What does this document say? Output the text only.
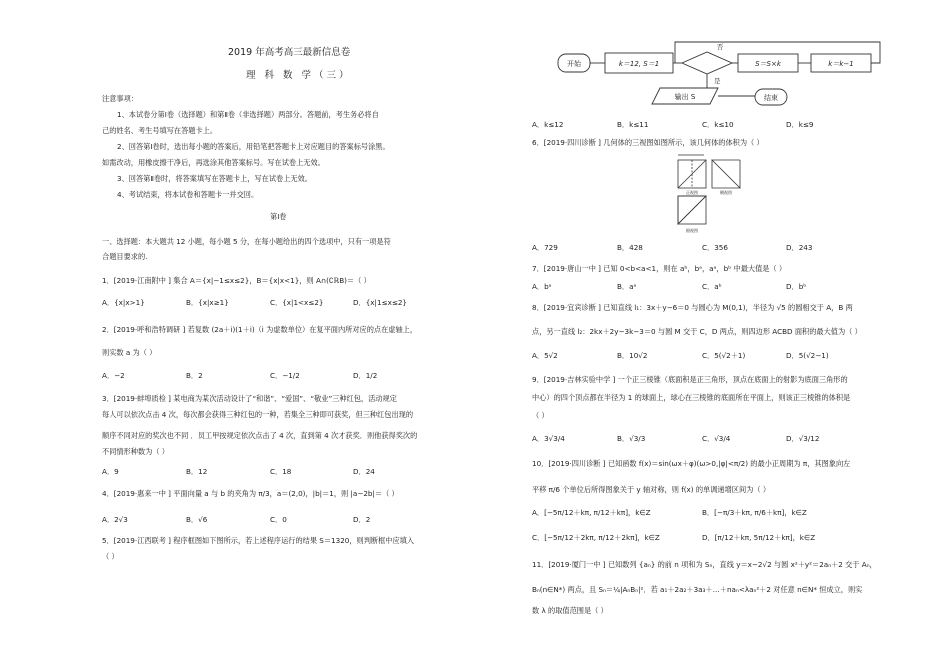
2019 年高考高三最新信息卷
理 科 数 学（三）
注意事项：
1、本试卷分第Ⅰ卷（选择题）和第Ⅱ卷（非选择题）两部分。答题前，考生务必将自
己的姓名、考生号填写在答题卡上。
2、回答第Ⅰ卷时，选出每小题的答案后，用铅笔把答题卡上对应题目的答案标号涂黑。
如需改动，用橡皮擦干净后，再选涂其他答案标号。写在试卷上无效。
3、回答第Ⅱ卷时，将答案填写在答题卡上，写在试卷上无效。
4、考试结束，将本试卷和答题卡一并交回。
第Ⅰ卷
一、选择题：本大题共 12 小题，每小题 5 分，在每小题给出的四个选项中，只有一项是符
合题目要求的.
1．[2019·江南附中 ] 集合 A＝{x|−1≤x≤2}，B＝{x|x<1}，则 A∩(∁ℝB)＝（ ）
A．{x|x>1}	B．{x|x≥1}	C．{x|1<x≤2}	D．{x|1≤x≤2}
2．[2019·呼和浩特调研 ] 若复数 (2a＋i)(1＋i)（i 为虚数单位）在复平面内所对应的点在虚轴上，
则实数 a 为（ ）
A．−2	B．2	C．−1/2	D．1/2
3．[2019·蚌埠质检 ] 某电商为某次活动设计了“和谐”、“爱国”、“敬业”三种红包，活动规定
每人可以依次点击 4 次，每次都会获得三种红包的一种，若集全三种即可获奖，但三种红包出现的
顺序不同对应的奖次也不同 ．员工甲按规定依次点击了 4 次，直到第 4 次才获奖．则他获得奖次的
不同情形种数为（ ）
A．9	B．12	C．18	D．24
4．[2019·惠来一中 ] 平面向量 a 与 b 的夹角为 π/3，a＝(2,0)，|b|＝1，则 |a−2b|＝（ ）
A．2√3	B．√6	C．0	D．2
5．[2019·江西联考 ] 程序框图如下图所示，若上述程序运行的结果 S＝1320，则判断框中应填入
（ ）
开始	k＝12, S＝1
否
S＝S×k	k＝k−1
是
输出 S	结束
A．k≤12	B．k≤11	C．k≤10	D．k≤9
6．[2019·四川诊断 ] 几何体的三视图如图所示，该几何体的体积为（ ）
正视图	侧视图
俯视图
A．729	B．428	C．356	D．243
7．[2019·唐山一中 ] 已知 0<b<a<1，则在 aᵇ，bᵃ，aᵃ，bᵇ 中最大值是（ ）
A．bᵃ	B．aᵃ	C．aᵇ	D．bᵇ
8．[2019·宜宾诊断 ] 已知直线 l₁：3x＋y−6＝0 与圆心为 M(0,1)，半径为 √5 的圆相交于 A，B 两
点，另一直线 l₂：2kx＋2y−3k−3＝0 与圆 M 交于 C，D 两点，则四边形 ACBD 面积的最大值为（ ）
A．5√2	B．10√2	C．5(√2＋1)	D．5(√2−1)
9．[2019·吉林实验中学 ] 一个正三棱锥（底面积是正三角形，顶点在底面上的射影为底面三角形的
中心）的四个顶点都在半径为 1 的球面上，球心在三棱锥的底面所在平面上，则该正三棱锥的体积是
（ ）
A．3√3/4	B．√3/3	C．√3/4	D．√3/12
10．[2019·四川诊断 ] 已知函数 f(x)＝sin(ωx＋φ)(ω>0,|φ|<π/2) 的最小正周期为 π，其图象向左
平移 π/6 个单位后所得图象关于 y 轴对称，则 f(x) 的单调递增区间为（ ）
A．[−5π/12＋kπ, π/12＋kπ]，k∈Z	B．[−π/3＋kπ, π/6＋kπ]，k∈Z
C．[−5π/12＋2kπ, π/12＋2kπ]，k∈Z	D．[π/12＋kπ, 5π/12＋kπ]，k∈Z
11．[2019·厦门一中 ] 已知数列 {aₙ} 的前 n 项和为 Sₙ，直线 y＝x−2√2 与圆 x²＋y²＝2aₙ＋2 交于 Aₙ，
Bₙ(n∈N*) 两点，且 Sₙ＝¼|AₙBₙ|²．若 a₁＋2a₂＋3a₃＋…＋naₙ<λaₙ²＋2 对任意 n∈N* 恒成立，则实
数 λ 的取值范围是（ ）
